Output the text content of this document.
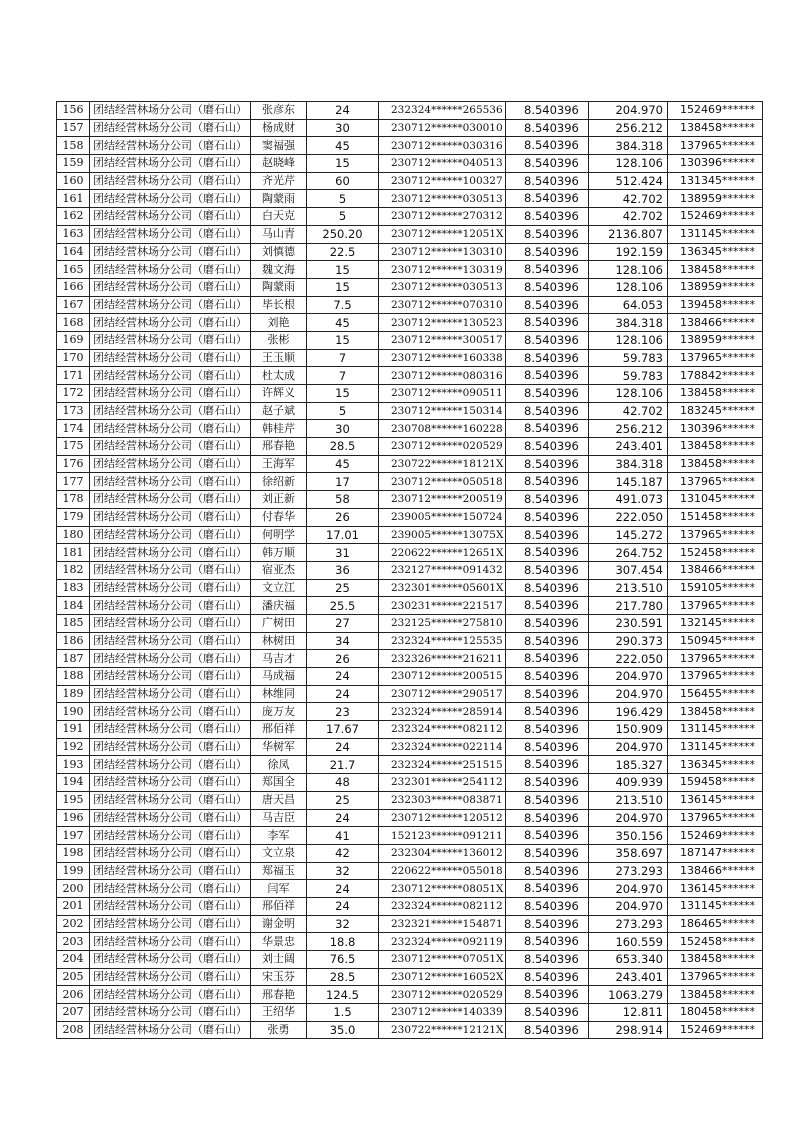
156	团结经营林场分公司（磨石山）	张彦东	24	232324******265536	8.540396	204.970	152469******
157	团结经营林场分公司（磨石山）	杨成财	30	230712******030010	8.540396	256.212	138458******
158	团结经营林场分公司（磨石山）	窦福强	45	230712******030316	8.540396	384.318	137965******
159	团结经营林场分公司（磨石山）	赵晓峰	15	230712******040513	8.540396	128.106	130396******
160	团结经营林场分公司（磨石山）	齐光芹	60	230712******100327	8.540396	512.424	131345******
161	团结经营林场分公司（磨石山）	陶蒙雨	5	230712******030513	8.540396	42.702	138959******
162	团结经营林场分公司（磨石山）	白天克	5	230712******270312	8.540396	42.702	152469******
163	团结经营林场分公司（磨石山）	马山青	250.20	230712******12051X	8.540396	2136.807	131145******
164	团结经营林场分公司（磨石山）	刘慎德	22.5	230712******130310	8.540396	192.159	136345******
165	团结经营林场分公司（磨石山）	魏文海	15	230712******130319	8.540396	128.106	138458******
166	团结经营林场分公司（磨石山）	陶蒙雨	15	230712******030513	8.540396	128.106	138959******
167	团结经营林场分公司（磨石山）	毕长根	7.5	230712******070310	8.540396	64.053	139458******
168	团结经营林场分公司（磨石山）	刘艳	45	230712******130523	8.540396	384.318	138466******
169	团结经营林场分公司（磨石山）	张彬	15	230712******300517	8.540396	128.106	138959******
170	团结经营林场分公司（磨石山）	王玉顺	7	230712******160338	8.540396	59.783	137965******
171	团结经营林场分公司（磨石山）	杜太成	7	230712******080316	8.540396	59.783	178842******
172	团结经营林场分公司（磨石山）	许辉义	15	230712******090511	8.540396	128.106	138458******
173	团结经营林场分公司（磨石山）	赵子斌	5	230712******150314	8.540396	42.702	183245******
174	团结经营林场分公司（磨石山）	韩桂芹	30	230708******160228	8.540396	256.212	130396******
175	团结经营林场分公司（磨石山）	邢春艳	28.5	230712******020529	8.540396	243.401	138458******
176	团结经营林场分公司（磨石山）	王海军	45	230722******18121X	8.540396	384.318	138458******
177	团结经营林场分公司（磨石山）	徐绍新	17	230712******050518	8.540396	145.187	137965******
178	团结经营林场分公司（磨石山）	刘正新	58	230712******200519	8.540396	491.073	131045******
179	团结经营林场分公司（磨石山）	付春华	26	239005******150724	8.540396	222.050	151458******
180	团结经营林场分公司（磨石山）	何明学	17.01	239005******13075X	8.540396	145.272	137965******
181	团结经营林场分公司（磨石山）	韩万顺	31	220622******12651X	8.540396	264.752	152458******
182	团结经营林场分公司（磨石山）	宿亚杰	36	232127******091432	8.540396	307.454	138466******
183	团结经营林场分公司（磨石山）	文立江	25	232301******05601X	8.540396	213.510	159105******
184	团结经营林场分公司（磨石山）	潘庆福	25.5	230231******221517	8.540396	217.780	137965******
185	团结经营林场分公司（磨石山）	广树田	27	232125******275810	8.540396	230.591	132145******
186	团结经营林场分公司（磨石山）	林树田	34	232324******125535	8.540396	290.373	150945******
187	团结经营林场分公司（磨石山）	马吉才	26	232326******216211	8.540396	222.050	137965******
188	团结经营林场分公司（磨石山）	马成福	24	230712******200515	8.540396	204.970	137965******
189	团结经营林场分公司（磨石山）	林维同	24	230712******290517	8.540396	204.970	156455******
190	团结经营林场分公司（磨石山）	庞万友	23	232324******285914	8.540396	196.429	138458******
191	团结经营林场分公司（磨石山）	邢佰祥	17.67	232324******082112	8.540396	150.909	131145******
192	团结经营林场分公司（磨石山）	华树军	24	232324******022114	8.540396	204.970	131145******
193	团结经营林场分公司（磨石山）	徐凤	21.7	232324******251515	8.540396	185.327	136345******
194	团结经营林场分公司（磨石山）	郑国全	48	232301******254112	8.540396	409.939	159458******
195	团结经营林场分公司（磨石山）	唐天昌	25	232303******083871	8.540396	213.510	136145******
196	团结经营林场分公司（磨石山）	马吉臣	24	230712******120512	8.540396	204.970	137965******
197	团结经营林场分公司（磨石山）	李军	41	152123******091211	8.540396	350.156	152469******
198	团结经营林场分公司（磨石山）	文立泉	42	232304******136012	8.540396	358.697	187147******
199	团结经营林场分公司（磨石山）	郑福玉	32	220622******055018	8.540396	273.293	138466******
200	团结经营林场分公司（磨石山）	闫军	24	230712******08051X	8.540396	204.970	136145******
201	团结经营林场分公司（磨石山）	邢佰祥	24	232324******082112	8.540396	204.970	131145******
202	团结经营林场分公司（磨石山）	谢金明	32	232321******154871	8.540396	273.293	186465******
203	团结经营林场分公司（磨石山）	华景忠	18.8	232324******092119	8.540396	160.559	152458******
204	团结经营林场分公司（磨石山）	刘士阔	76.5	230712******07051X	8.540396	653.340	138458******
205	团结经营林场分公司（磨石山）	宋玉芬	28.5	230712******16052X	8.540396	243.401	137965******
206	团结经营林场分公司（磨石山）	邢春艳	124.5	230712******020529	8.540396	1063.279	138458******
207	团结经营林场分公司（磨石山）	王绍华	1.5	230712******140339	8.540396	12.811	180458******
208	团结经营林场分公司（磨石山）	张勇	35.0	230722******12121X	8.540396	298.914	152469******
